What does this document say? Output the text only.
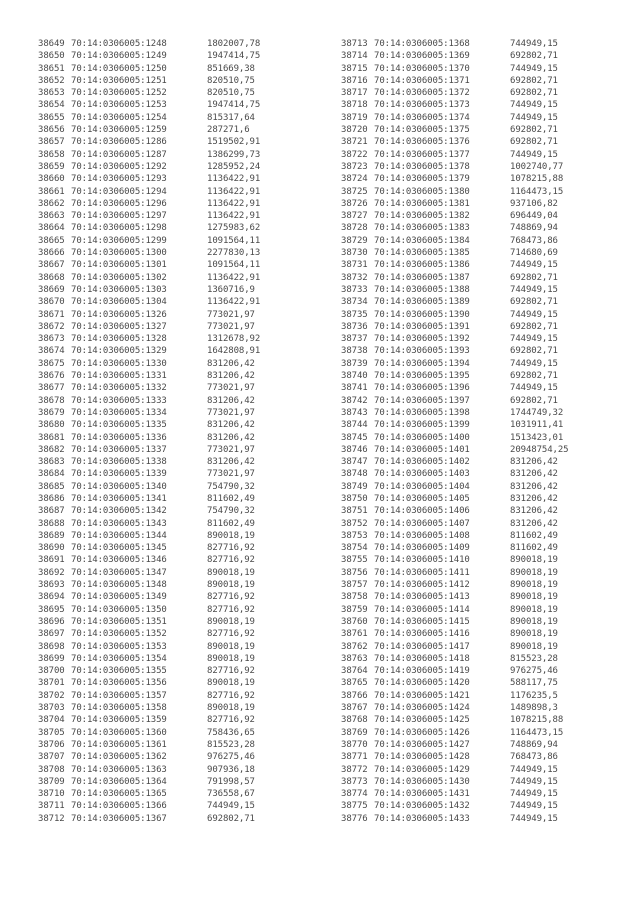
38649 70:14:0306005:1248	1802007,78
38650 70:14:0306005:1249	1947414,75
38651 70:14:0306005:1250	851669,38
38652 70:14:0306005:1251	820510,75
38653 70:14:0306005:1252	820510,75
38654 70:14:0306005:1253	1947414,75
38655 70:14:0306005:1254	815317,64
38656 70:14:0306005:1259	287271,6
38657 70:14:0306005:1286	1519502,91
38658 70:14:0306005:1287	1386299,73
38659 70:14:0306005:1292	1285952,24
38660 70:14:0306005:1293	1136422,91
38661 70:14:0306005:1294	1136422,91
38662 70:14:0306005:1296	1136422,91
38663 70:14:0306005:1297	1136422,91
38664 70:14:0306005:1298	1275983,62
38665 70:14:0306005:1299	1091564,11
38666 70:14:0306005:1300	2277830,13
38667 70:14:0306005:1301	1091564,11
38668 70:14:0306005:1302	1136422,91
38669 70:14:0306005:1303	1360716,9
38670 70:14:0306005:1304	1136422,91
38671 70:14:0306005:1326	773021,97
38672 70:14:0306005:1327	773021,97
38673 70:14:0306005:1328	1312678,92
38674 70:14:0306005:1329	1642808,91
38675 70:14:0306005:1330	831206,42
38676 70:14:0306005:1331	831206,42
38677 70:14:0306005:1332	773021,97
38678 70:14:0306005:1333	831206,42
38679 70:14:0306005:1334	773021,97
38680 70:14:0306005:1335	831206,42
38681 70:14:0306005:1336	831206,42
38682 70:14:0306005:1337	773021,97
38683 70:14:0306005:1338	831206,42
38684 70:14:0306005:1339	773021,97
38685 70:14:0306005:1340	754790,32
38686 70:14:0306005:1341	811602,49
38687 70:14:0306005:1342	754790,32
38688 70:14:0306005:1343	811602,49
38689 70:14:0306005:1344	890018,19
38690 70:14:0306005:1345	827716,92
38691 70:14:0306005:1346	827716,92
38692 70:14:0306005:1347	890018,19
38693 70:14:0306005:1348	890018,19
38694 70:14:0306005:1349	827716,92
38695 70:14:0306005:1350	827716,92
38696 70:14:0306005:1351	890018,19
38697 70:14:0306005:1352	827716,92
38698 70:14:0306005:1353	890018,19
38699 70:14:0306005:1354	890018,19
38700 70:14:0306005:1355	827716,92
38701 70:14:0306005:1356	890018,19
38702 70:14:0306005:1357	827716,92
38703 70:14:0306005:1358	890018,19
38704 70:14:0306005:1359	827716,92
38705 70:14:0306005:1360	758436,65
38706 70:14:0306005:1361	815523,28
38707 70:14:0306005:1362	976275,46
38708 70:14:0306005:1363	907936,18
38709 70:14:0306005:1364	791998,57
38710 70:14:0306005:1365	736558,67
38711 70:14:0306005:1366	744949,15
38712 70:14:0306005:1367	692802,71
38713 70:14:0306005:1368	744949,15
38714 70:14:0306005:1369	692802,71
38715 70:14:0306005:1370	744949,15
38716 70:14:0306005:1371	692802,71
38717 70:14:0306005:1372	692802,71
38718 70:14:0306005:1373	744949,15
38719 70:14:0306005:1374	744949,15
38720 70:14:0306005:1375	692802,71
38721 70:14:0306005:1376	692802,71
38722 70:14:0306005:1377	744949,15
38723 70:14:0306005:1378	1002740,77
38724 70:14:0306005:1379	1078215,88
38725 70:14:0306005:1380	1164473,15
38726 70:14:0306005:1381	937106,82
38727 70:14:0306005:1382	696449,04
38728 70:14:0306005:1383	748869,94
38729 70:14:0306005:1384	768473,86
38730 70:14:0306005:1385	714680,69
38731 70:14:0306005:1386	744949,15
38732 70:14:0306005:1387	692802,71
38733 70:14:0306005:1388	744949,15
38734 70:14:0306005:1389	692802,71
38735 70:14:0306005:1390	744949,15
38736 70:14:0306005:1391	692802,71
38737 70:14:0306005:1392	744949,15
38738 70:14:0306005:1393	692802,71
38739 70:14:0306005:1394	744949,15
38740 70:14:0306005:1395	692802,71
38741 70:14:0306005:1396	744949,15
38742 70:14:0306005:1397	692802,71
38743 70:14:0306005:1398	1744749,32
38744 70:14:0306005:1399	1031911,41
38745 70:14:0306005:1400	1513423,01
38746 70:14:0306005:1401	20948754,25
38747 70:14:0306005:1402	831206,42
38748 70:14:0306005:1403	831206,42
38749 70:14:0306005:1404	831206,42
38750 70:14:0306005:1405	831206,42
38751 70:14:0306005:1406	831206,42
38752 70:14:0306005:1407	831206,42
38753 70:14:0306005:1408	811602,49
38754 70:14:0306005:1409	811602,49
38755 70:14:0306005:1410	890018,19
38756 70:14:0306005:1411	890018,19
38757 70:14:0306005:1412	890018,19
38758 70:14:0306005:1413	890018,19
38759 70:14:0306005:1414	890018,19
38760 70:14:0306005:1415	890018,19
38761 70:14:0306005:1416	890018,19
38762 70:14:0306005:1417	890018,19
38763 70:14:0306005:1418	815523,28
38764 70:14:0306005:1419	976275,46
38765 70:14:0306005:1420	588117,75
38766 70:14:0306005:1421	1176235,5
38767 70:14:0306005:1424	1489898,3
38768 70:14:0306005:1425	1078215,88
38769 70:14:0306005:1426	1164473,15
38770 70:14:0306005:1427	748869,94
38771 70:14:0306005:1428	768473,86
38772 70:14:0306005:1429	744949,15
38773 70:14:0306005:1430	744949,15
38774 70:14:0306005:1431	744949,15
38775 70:14:0306005:1432	744949,15
38776 70:14:0306005:1433	744949,15
